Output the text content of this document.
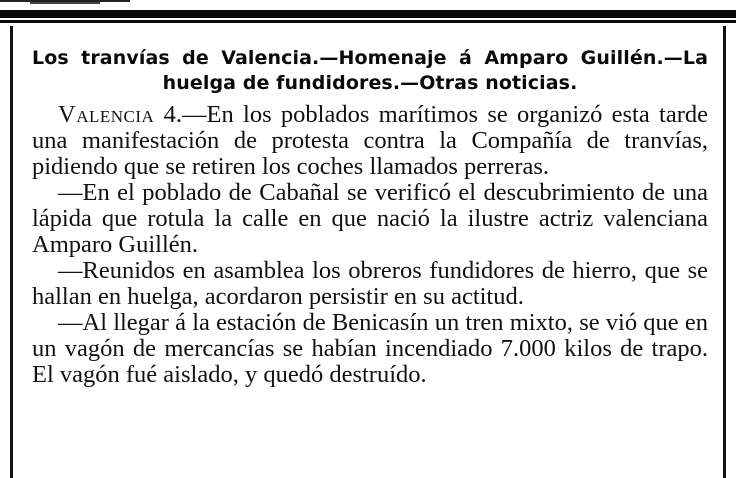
Los tranvías de Valencia.—Homenaje á Amparo Guillén.—La huelga de fundidores.—Otras noticias.

Valencia 4.—En los poblados marítimos se organizó esta tarde una manifestación de protesta contra la Compañía de tranvías, pidiendo que se retiren los coches llamados perreras.

—En el poblado de Cabañal se verificó el descubrimiento de una lápida que rotula la calle en que nació la ilustre actriz valenciana Amparo Guillén.

—Reunidos en asamblea los obreros fundidores de hierro, que se hallan en huelga, acordaron persistir en su actitud.

—Al llegar á la estación de Benicasín un tren mixto, se vió que en un vagón de mercancías se habían incendiado 7.000 kilos de trapo. El vagón fué aislado, y quedó destruído.
